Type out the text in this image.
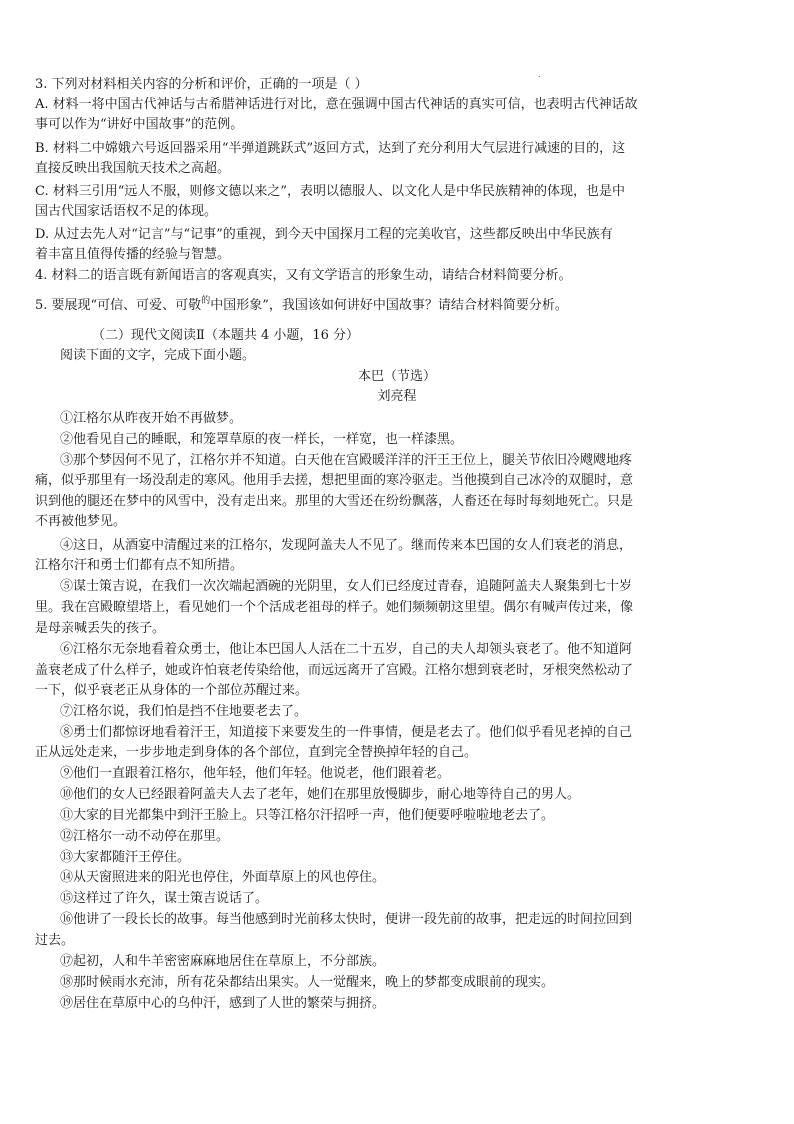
.
3. 下列对材料相关内容的分析和评价，正确的一项是（ ）
A. 材料一将中国古代神话与古希腊神话进行对比，意在强调中国古代神话的真实可信，也表明古代神话故
事可以作为“讲好中国故事”的范例。
B. 材料二中嫦娥六号返回器采用“半弹道跳跃式”返回方式，达到了充分利用大气层进行减速的目的，这
直接反映出我国航天技术之高超。
C. 材料三引用“远人不服，则修文德以来之”，表明以德服人、以文化人是中华民族精神的体现，也是中
国古代国家话语权不足的体现。
D. 从过去先人对“记言”与“记事”的重视，到今天中国探月工程的完美收官，这些都反映出中华民族有
着丰富且值得传播的经验与智慧。
4. 材料二的语言既有新闻语言的客观真实，又有文学语言的形象生动，请结合材料简要分析。
5. 要展现“可信、可爱、可敬$^的$中国形象”，我国该如何讲好中国故事？请结合材料简要分析。
（二）现代文阅读Ⅱ（本题共 4 小题，16 分）
阅读下面的文字，完成下面小题。
本巴（节选）
刘亮程
①江格尔从昨夜开始不再做梦。
②他看见自己的睡眠，和笼罩草原的夜一样长，一样宽，也一样漆黑。
③那个梦因何不见了，江格尔并不知道。白天他在宫殿暖洋洋的汗王王位上，腿关节依旧冷飕飕地疼
痛，似乎那里有一场没刮走的寒风。他用手去搓，想把里面的寒冷驱走。当他摸到自己冰冷的双腿时，意
识到他的腿还在梦中的风雪中，没有走出来。那里的大雪还在纷纷飘落，人畜还在每时每刻地死亡。只是
不再被他梦见。
④这日，从酒宴中清醒过来的江格尔，发现阿盖夫人不见了。继而传来本巴国的女人们衰老的消息，
江格尔汗和勇士们都有点不知所措。
⑤谋士策吉说，在我们一次次端起酒碗的光阴里，女人们已经度过青春，追随阿盖夫人聚集到七十岁
里。我在宫殿瞭望塔上，看见她们一个个活成老祖母的样子。她们频频朝这里望。偶尔有喊声传过来，像
是母亲喊丢失的孩子。
⑥江格尔无奈地看着众勇士，他让本巴国人人活在二十五岁，自己的夫人却领头衰老了。他不知道阿
盖衰老成了什么样子，她或许怕衰老传染给他，而远远离开了宫殿。江格尔想到衰老时，牙根突然松动了
一下，似乎衰老正从身体的一个部位苏醒过来。
⑦江格尔说，我们怕是挡不住地要老去了。
⑧勇士们都惊讶地看着汗王，知道接下来要发生的一件事情，便是老去了。他们似乎看见老掉的自己
正从远处走来，一步步地走到身体的各个部位，直到完全替换掉年轻的自己。
⑨他们一直跟着江格尔，他年轻，他们年轻。他说老，他们跟着老。
⑩他们的女人已经跟着阿盖夫人去了老年，她们在那里放慢脚步，耐心地等待自己的男人。
⑪大家的目光都集中到汗王脸上。只等江格尔汗招呼一声，他们便要呼啦啦地老去了。
⑫江格尔一动不动停在那里。
⑬大家都随汗王停住。
⑭从天窗照进来的阳光也停住，外面草原上的风也停住。
⑮这样过了许久，谋士策吉说话了。
⑯他讲了一段长长的故事。每当他感到时光前移太快时，便讲一段先前的故事，把走远的时间拉回到
过去。
⑰起初，人和牛羊密密麻麻地居住在草原上，不分部族。
⑱那时候雨水充沛，所有花朵都结出果实。人一觉醒来，晚上的梦都变成眼前的现实。
⑲居住在草原中心的乌仲汗，感到了人世的繁荣与拥挤。
